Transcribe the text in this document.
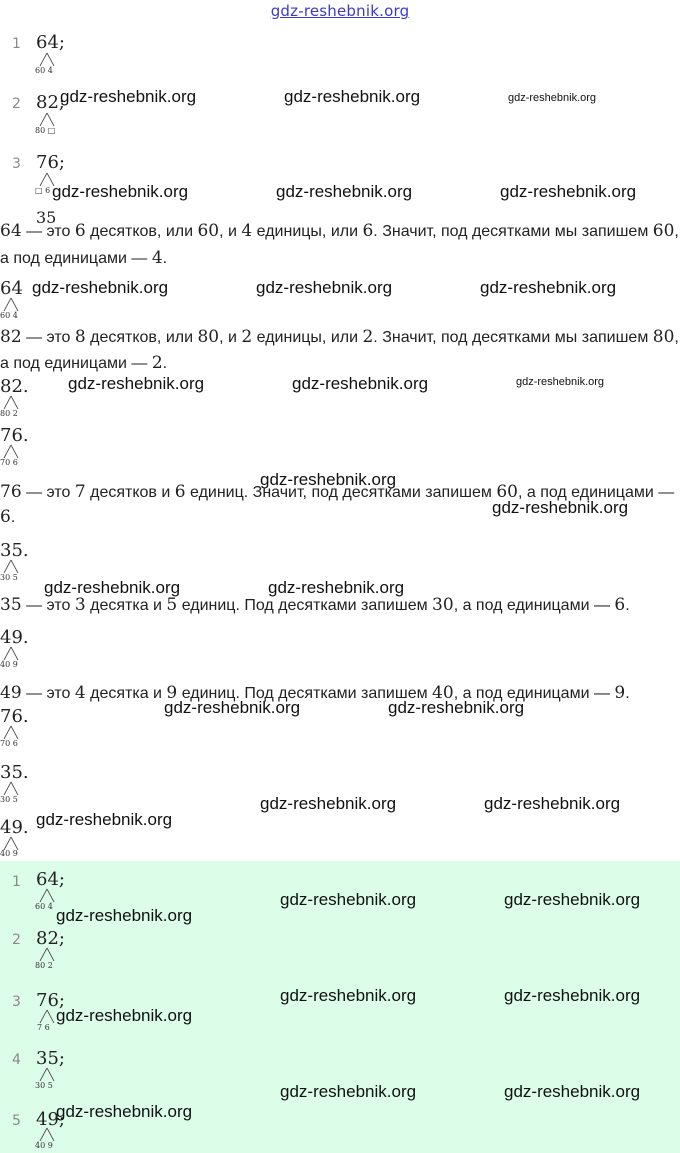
gdz-reshebnik.org
1 64;
60 4
2 82;
80 □
gdz-reshebnik.org	gdz-reshebnik.org	gdz-reshebnik.org
3 76;
□ 6 gdz-reshebnik.org	gdz-reshebnik.org	gdz-reshebnik.org
35
64 — это 6 десятков, или 60, и 4 единицы, или 6. Значит, под десятками мы запишем 60,
а под единицами — 4.
64
60 4
gdz-reshebnik.org	gdz-reshebnik.org	gdz-reshebnik.org
82 — это 8 десятков, или 80, и 2 единицы, или 2. Значит, под десятками мы запишем 80,
а под единицами — 2.
82.
80 2
gdz-reshebnik.org	gdz-reshebnik.org	gdz-reshebnik.org
76.
70 6
gdz-reshebnik.org
76 — это 7 десятков и 6 единиц. Значит, под десятками запишем 60, а под единицами —
6.
gdz-reshebnik.org
35.
30 5
gdz-reshebnik.org	gdz-reshebnik.org
35 — это 3 десятка и 5 единиц. Под десятками запишем 30, а под единицами — 6.
49.
40 9
49 — это 4 десятка и 9 единиц. Под десятками запишем 40, а под единицами — 9.
76.
70 6
gdz-reshebnik.org	gdz-reshebnik.org
35.
30 5	gdz-reshebnik.org	gdz-reshebnik.org
49.
40 9
gdz-reshebnik.org
1 64;
60 4	gdz-reshebnik.org	gdz-reshebnik.org
gdz-reshebnik.org
2 82;
80 2
3 76;
7 6
gdz-reshebnik.org	gdz-reshebnik.org
gdz-reshebnik.org
4 35;
30 5	gdz-reshebnik.org	gdz-reshebnik.org
5 49;
40 9
gdz-reshebnik.org
